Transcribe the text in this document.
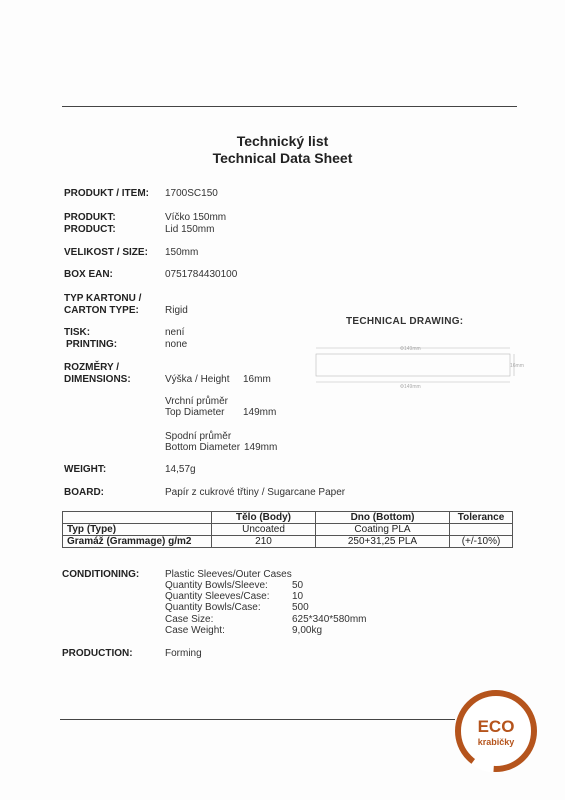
Technický list
Technical Data Sheet
PRODUKT / ITEM: 1700SC150
PRODUKT:	Víčko 150mm
PRODUCT:	Lid 150mm
VELIKOST / SIZE: 150mm
BOX EAN:	0751784430100
TYP KARTONU /
CARTON TYPE:	Rigid
TISK:	není
PRINTING:	none
ROZMĚRY /
DIMENSIONS:	Výška / Height 16mm
Vrchní průměr
Top Diameter 149mm
Spodní průměr
Bottom Diameter 149mm
WEIGHT:	14,57g
BOARD:	Papír z cukrové třtiny / Sugarcane Paper
TECHNICAL DRAWING:
Φ149mm
16mm
Φ149mm
	Tělo (Body)	Dno (Bottom)	Tolerance
Typ (Type)	Uncoated	Coating PLA	
Gramáž (Grammage) g/m2	210	250+31,25 PLA	(+/-10%)
CONDITIONING:	Plastic Sleeves/Outer Cases
Quantity Bowls/Sleeve: 50
Quantity Sleeves/Case: 10
Quantity Bowls/Case:	500
Case Size:	625*340*580mm
Case Weight:	9,00kg
PRODUCTION:	Forming
ECO
krabičky
